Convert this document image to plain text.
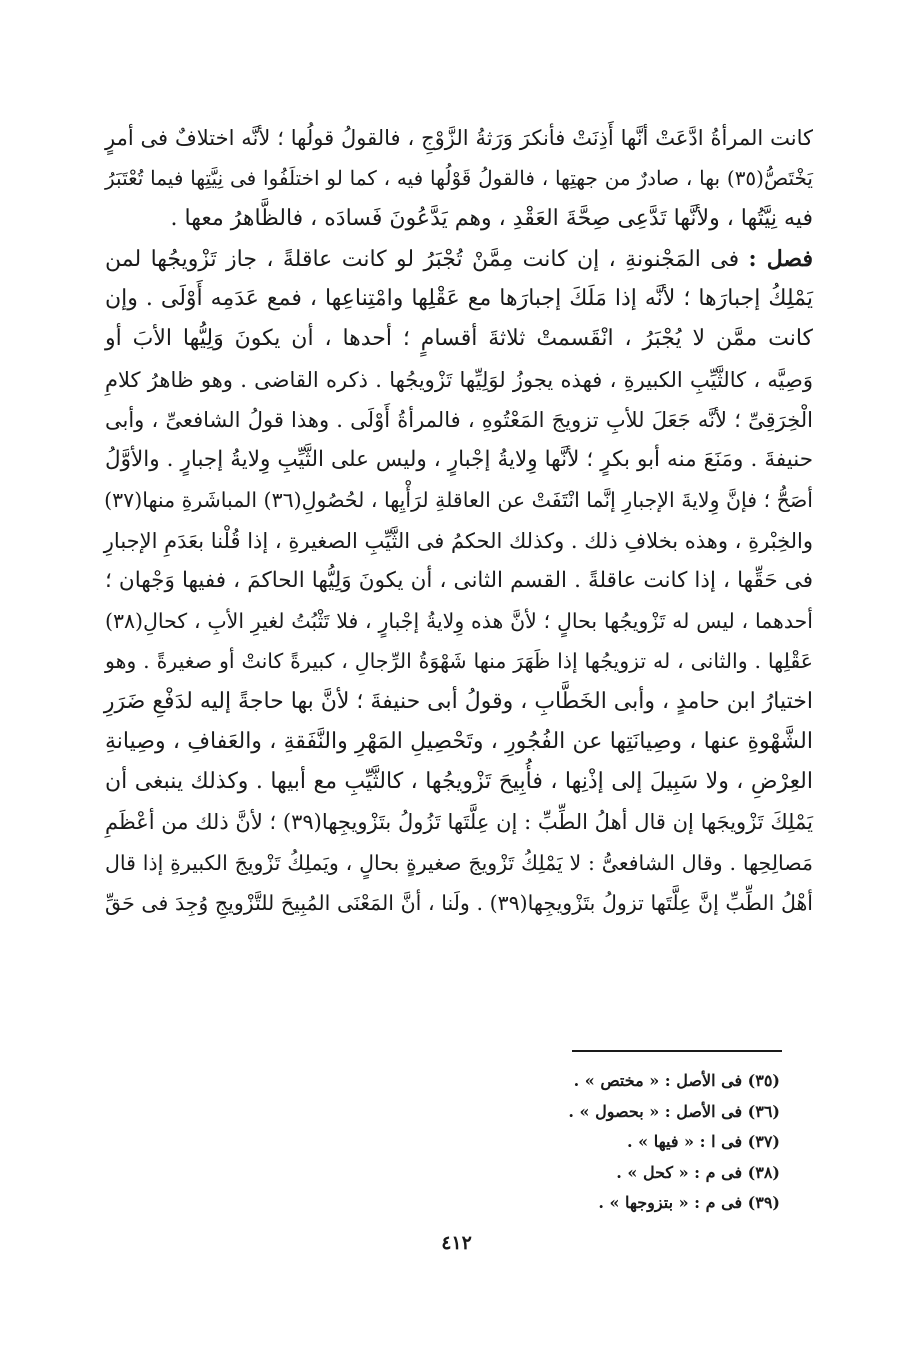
كانت المرأةُ ادَّعَتْ أنَّها أَذِنَتْ فأنكرَ وَرَثةُ الزَّوْجِ ، فالقولُ قولُها ؛ لأنَّه اختلافٌ فى أمرٍ
يَخْتَصُّ(٣٥) بها ، صادرٌ من جهتِها ، فالقولُ قَوْلُها فيه ، كما لو اختلَفُوا فى نِيَّتِها فيما تُعْتَبَرُ
فيه نِيَّتُها ، ولأنَّها تَدَّعِى صِحَّةَ العَقْدِ ، وهم يَدَّعُونَ فَسادَه ، فالظَّاهرُ معها .
فصل : فى المَجْنونةِ ، إن كانت مِمَّنْ تُجْبَرُ لو كانت عاقلةً ، جاز تَزْويجُها لمن
يَمْلِكُ إجبارَها ؛ لأنَّه إذا مَلَكَ إجبارَها مع عَقْلِها وامْتِناعِها ، فمع عَدَمِه أَوْلَى . وإن
كانت ممَّن لا يُجْبَرُ ، انْقَسمتْ ثلاثةَ أقسامٍ ؛ أحدها ، أن يكونَ وَلِيُّها الأبَ أو
وَصِيَّه ، كالثَّيِّبِ الكبيرةِ ، فهذه يجوزُ لوَلِيِّها تَزْويجُها . ذكره القاضى . وهو ظاهرُ كلامِ
الْخِرَقِىِّ ؛ لأنَّه جَعَلَ للأبِ تزويجَ المَعْتُوهِ ، فالمرأةُ أَوْلَى . وهذا قولُ الشافعىِّ ، وأبى
حنيفةَ . ومَنَعَ منه أبو بكرٍ ؛ لأنَّها وِلايةُ إجْبارٍ ، وليس على الثَّيِّبِ وِلايةُ إجبارٍ . والأوَّلُ
أصَحُّ ؛ فإنَّ وِلايةَ الإجبارِ إنَّما انْتَفَتْ عن العاقلةِ لرَأْيِها ، لحُصُولِ(٣٦) المباشَرةِ منها(٣٧)
والخِبْرةِ ، وهذه بخلافِ ذلك . وكذلك الحكمُ فى الثَّيِّبِ الصغيرةِ ، إذا قُلْنا بعَدَمِ الإجبارِ
فى حَقِّها ، إذا كانت عاقلةً . القسم الثانى ، أن يكونَ وَلِيُّها الحاكمَ ، ففيها وَجْهان ؛
أحدهما ، ليس له تَزْويجُها بحالٍ ؛ لأنَّ هذه وِلايةُ إجْبارٍ ، فلا تَثْبُتُ لغيرِ الأبِ ، كحالِ(٣٨)
عَقْلِها . والثانى ، له تزويجُها إذا ظَهَرَ منها شَهْوَةُ الرِّجالِ ، كبيرةً كانتْ أو صغيرةً . وهو
اختيارُ ابن حامدٍ ، وأبى الخَطَّابِ ، وقولُ أبى حنيفةَ ؛ لأنَّ بها حاجةً إليه لدَفْعِ ضَرَرِ
الشَّهْوةِ عنها ، وصِيانَتِها عن الفُجُورِ ، وتَحْصِيلِ المَهْرِ والنَّفَقةِ ، والعَفافِ ، وصِيانةِ
العِرْضِ ، ولا سَبِيلَ إلى إذْنِها ، فأُبِيحَ تَزْويجُها ، كالثَّيِّبِ مع أبيها . وكذلك ينبغى أن
يَمْلِكَ تَزْويجَها إن قال أهلُ الطِّبِّ : إن عِلَّتَها تَزُولُ بتَزْويجِها(٣٩) ؛ لأنَّ ذلك من أعْظَمِ
مَصالِحِها . وقال الشافعىُّ : لا يَمْلِكُ تَزْويجَ صغيرةٍ بحالٍ ، ويَملِكُ تَزْويجَ الكبيرةِ إذا قال
أهْلُ الطِّبِّ إنَّ عِلَّتَها تزولُ بتَزْويجِها(٣٩) . ولَنا ، أنَّ المَعْنَى المُبِيحَ للتَّزْويجِ وُجِدَ فى حَقِّ
(٣٥) فى الأصل : « مختص » .
(٣٦) فى الأصل : « بحصول » .
(٣٧) فى ا : « فيها » .
(٣٨) فى م : « كحل » .
(٣٩) فى م : « بتزوجها » .
٤١٢
